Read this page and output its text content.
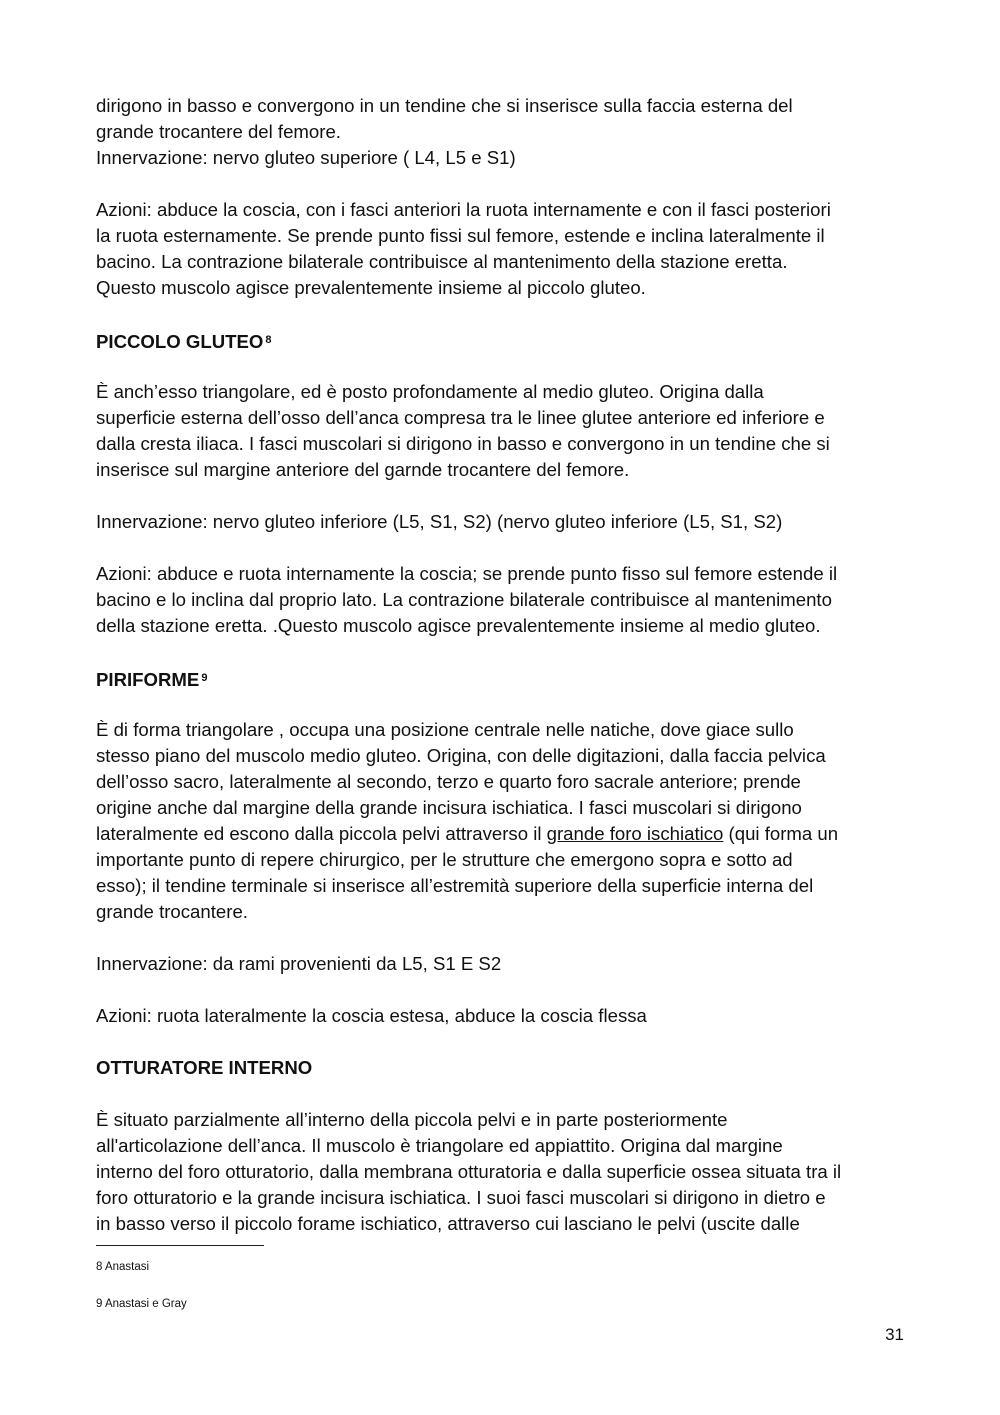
dirigono in basso e convergono in un tendine che si inserisce sulla faccia esterna del

grande trocantere del femore.

Innervazione: nervo gluteo superiore ( L4, L5 e S1)

Azioni: abduce la coscia, con i fasci anteriori la ruota internamente e con il fasci posteriori

la ruota esternamente. Se prende punto fissi sul femore, estende e inclina lateralmente il

bacino. La contrazione bilaterale contribuisce al mantenimento della stazione eretta.

Questo muscolo agisce prevalentemente insieme al piccolo gluteo.

PICCOLO GLUTEO $^8$

È anch’esso triangolare, ed è posto profondamente al medio gluteo. Origina dalla

superficie esterna dell’osso dell’anca compresa tra le linee glutee anteriore ed inferiore e

dalla cresta iliaca. I fasci muscolari si dirigono in basso e convergono in un tendine che si

inserisce sul margine anteriore del garnde trocantere del femore.

Innervazione: nervo gluteo inferiore (L5, S1, S2) (nervo gluteo inferiore (L5, S1, S2)

Azioni: abduce e ruota internamente la coscia; se prende punto fisso sul femore estende il

bacino e lo inclina dal proprio lato. La contrazione bilaterale contribuisce al mantenimento

della stazione eretta. .Questo muscolo agisce prevalentemente insieme al medio gluteo.

PIRIFORME $^9$

È di forma triangolare , occupa una posizione centrale nelle natiche, dove giace sullo

stesso piano del muscolo medio gluteo. Origina, con delle digitazioni, dalla faccia pelvica

dell’osso sacro, lateralmente al secondo, terzo e quarto foro sacrale anteriore; prende

origine anche dal margine della grande incisura ischiatica. I fasci muscolari si dirigono

lateralmente ed escono dalla piccola pelvi attraverso il grande foro ischiatico (qui forma un

importante punto di repere chirurgico, per le strutture che emergono sopra e sotto ad

esso); il tendine terminale si inserisce all’estremità superiore della superficie interna del

grande trocantere.

Innervazione: da rami provenienti da L5, S1 E S2

Azioni: ruota lateralmente la coscia estesa, abduce la coscia flessa

OTTURATORE INTERNO

È situato parzialmente all’interno della piccola pelvi e in parte posteriormente

all'articolazione dell’anca. Il muscolo è triangolare ed appiattito. Origina dal margine

interno del foro otturatorio, dalla membrana otturatoria e dalla superficie ossea situata tra il

foro otturatorio e la grande incisura ischiatica. I suoi fasci muscolari si dirigono in dietro e

in basso verso il piccolo forame ischiatico, attraverso cui lasciano le pelvi (uscite dalle

8 Anastasi
9 Anastasi e Gray
31
